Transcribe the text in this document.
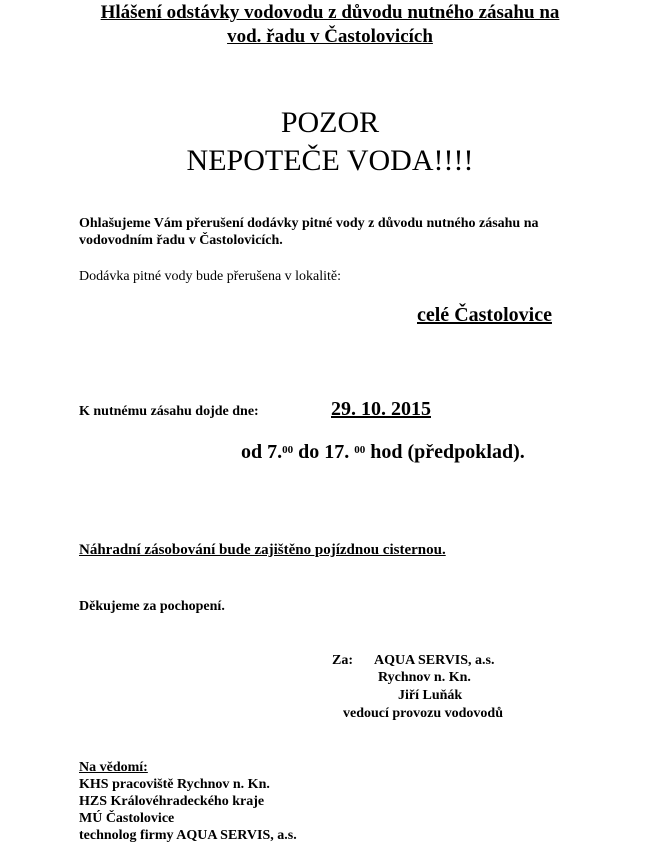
Hlášení odstávky vodovodu z důvodu nutného zásahu na
vod. řadu v Častolovicích
POZOR
NEPOTEČE VODA!!!!
Ohlašujeme Vám přerušení dodávky pitné vody z důvodu nutného zásahu na
vodovodním řadu v Častolovicích.
Dodávka pitné vody bude přerušena v lokalitě:
celé Častolovice
K nutnému zásahu dojde dne:	29. 10. 2015
od 7.00 do 17. $^{00}$ hod (předpoklad).
Náhradní zásobování bude zajištěno pojízdnou cisternou.
Děkujeme za pochopení.
Za: AQUA SERVIS, a.s.
Rychnov n. Kn.
Jiří Luňák
vedoucí provozu vodovodů
Na vědomí:
KHS pracoviště Rychnov n. Kn.
HZS Královéhradeckého kraje
MÚ Častolovice
technolog firmy AQUA SERVIS, a.s.
